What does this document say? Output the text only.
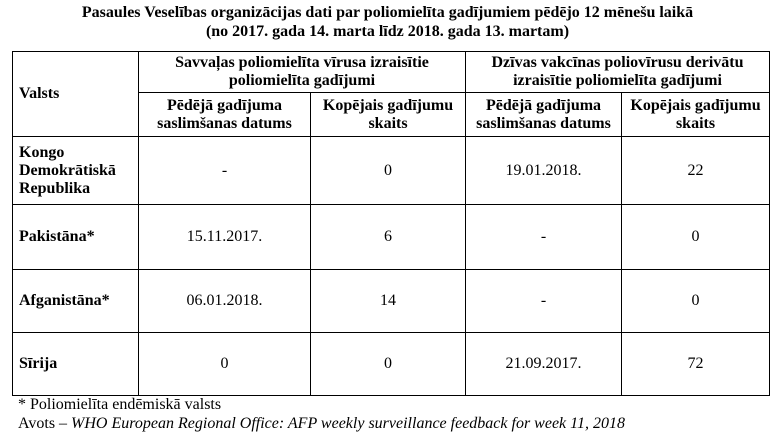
Pasaules Veselības organizācijas dati par poliomielīta gadījumiem pēdējo 12 mēnešu laikā
(no 2017. gada 14. marta līdz 2018. gada 13. martam)
Valsts	Savvaļas poliomielīta vīrusa izraisītie poliomielīta gadījumi		Dzīvas vakcīnas poliovīrusu derivātu izraisītie poliomielīta gadījumi	
	Pēdējā gadījuma saslimšanas datums	Kopējais gadījumu skaits	Pēdējā gadījuma saslimšanas datums	Kopējais gadījumu skaits
Kongo Demokrātiskā Republika	-	0	19.01.2018.	22
Pakistāna*	15.11.2017.	6	-	0
Afganistāna*	06.01.2018.	14	-	0
Sīrija	0	0	21.09.2017.	72
* Poliomielīta endēmiskā valsts
Avots – WHO European Regional Office: AFP weekly surveillance feedback for week 11, 2018
